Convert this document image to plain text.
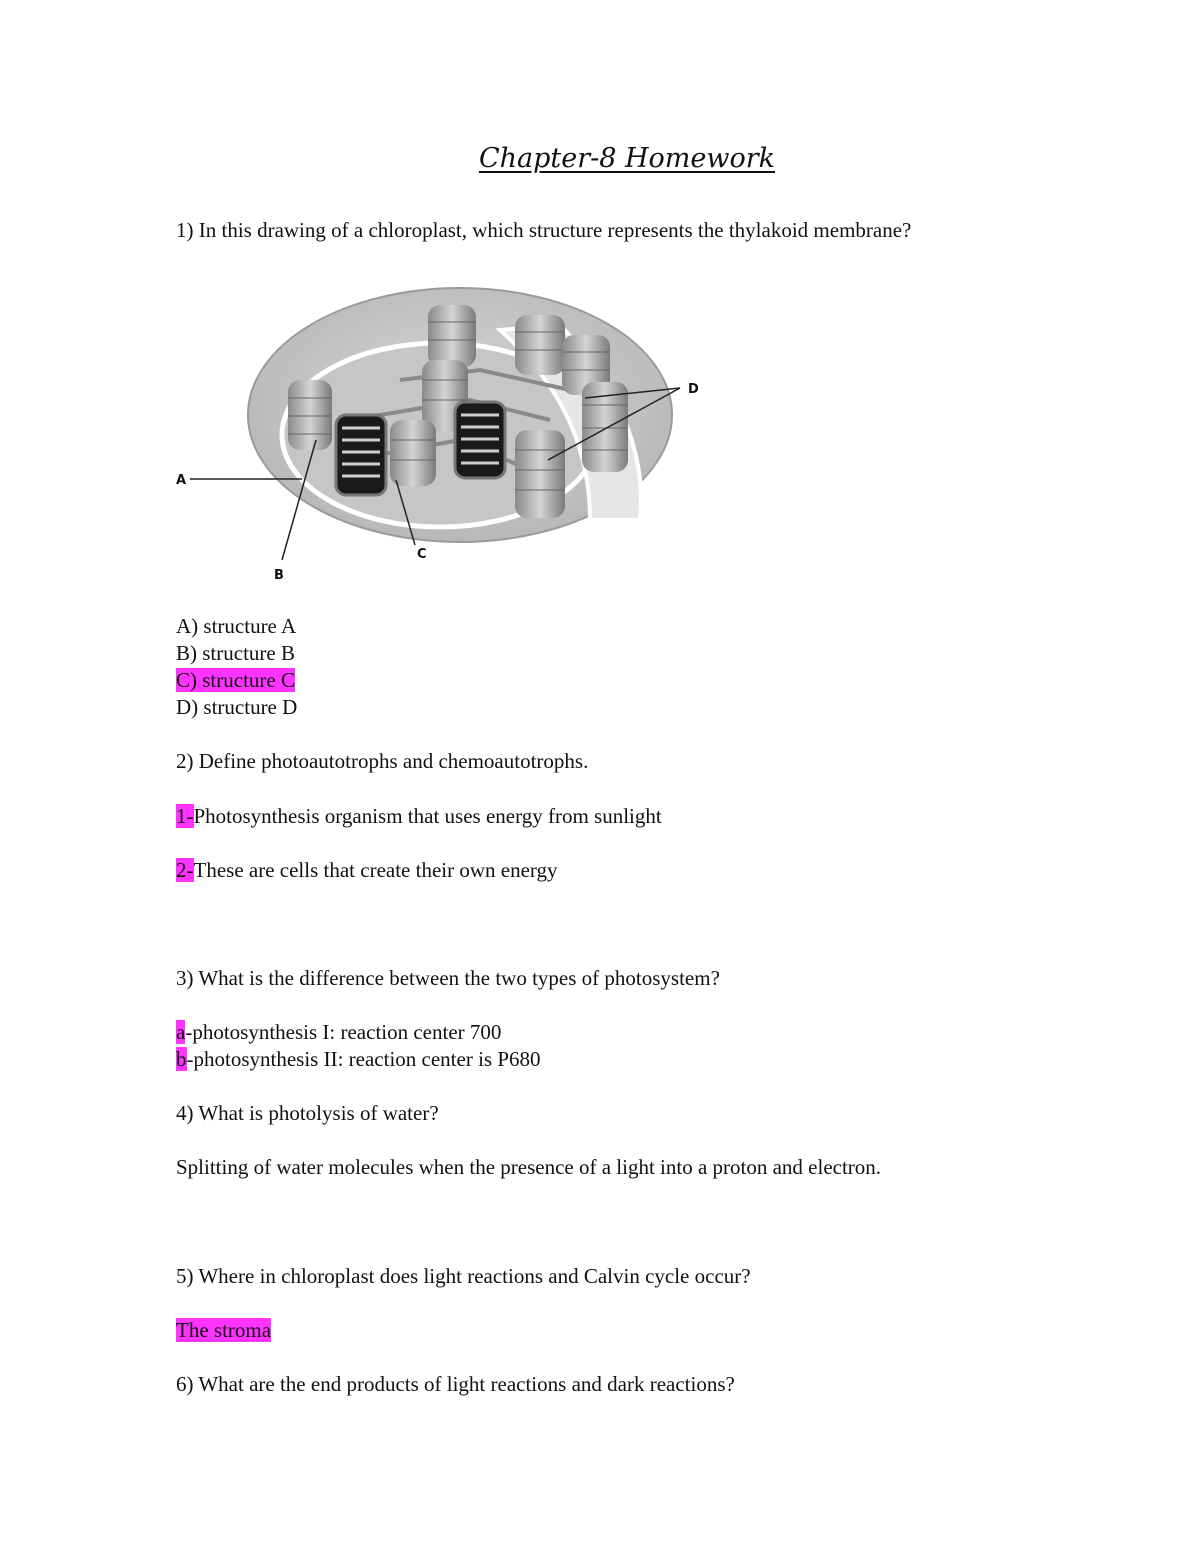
Chapter-8 Homework
1) In this drawing of a chloroplast, which structure represents the thylakoid membrane?
A
B
C
D
A) structure A
B) structure B
C) structure C
D) structure D
2) Define photoautotrophs and chemoautotrophs.
1-Photosynthesis organism that uses energy from sunlight
2-These are cells that create their own energy
3) What is the difference between the two types of photosystem?
a-photosynthesis I: reaction center 700
b-photosynthesis II: reaction center is P680
4) What is photolysis of water?
Splitting of water molecules when the presence of a light into a proton and electron.
5) Where in chloroplast does light reactions and Calvin cycle occur?
The stroma
6) What are the end products of light reactions and dark reactions?
